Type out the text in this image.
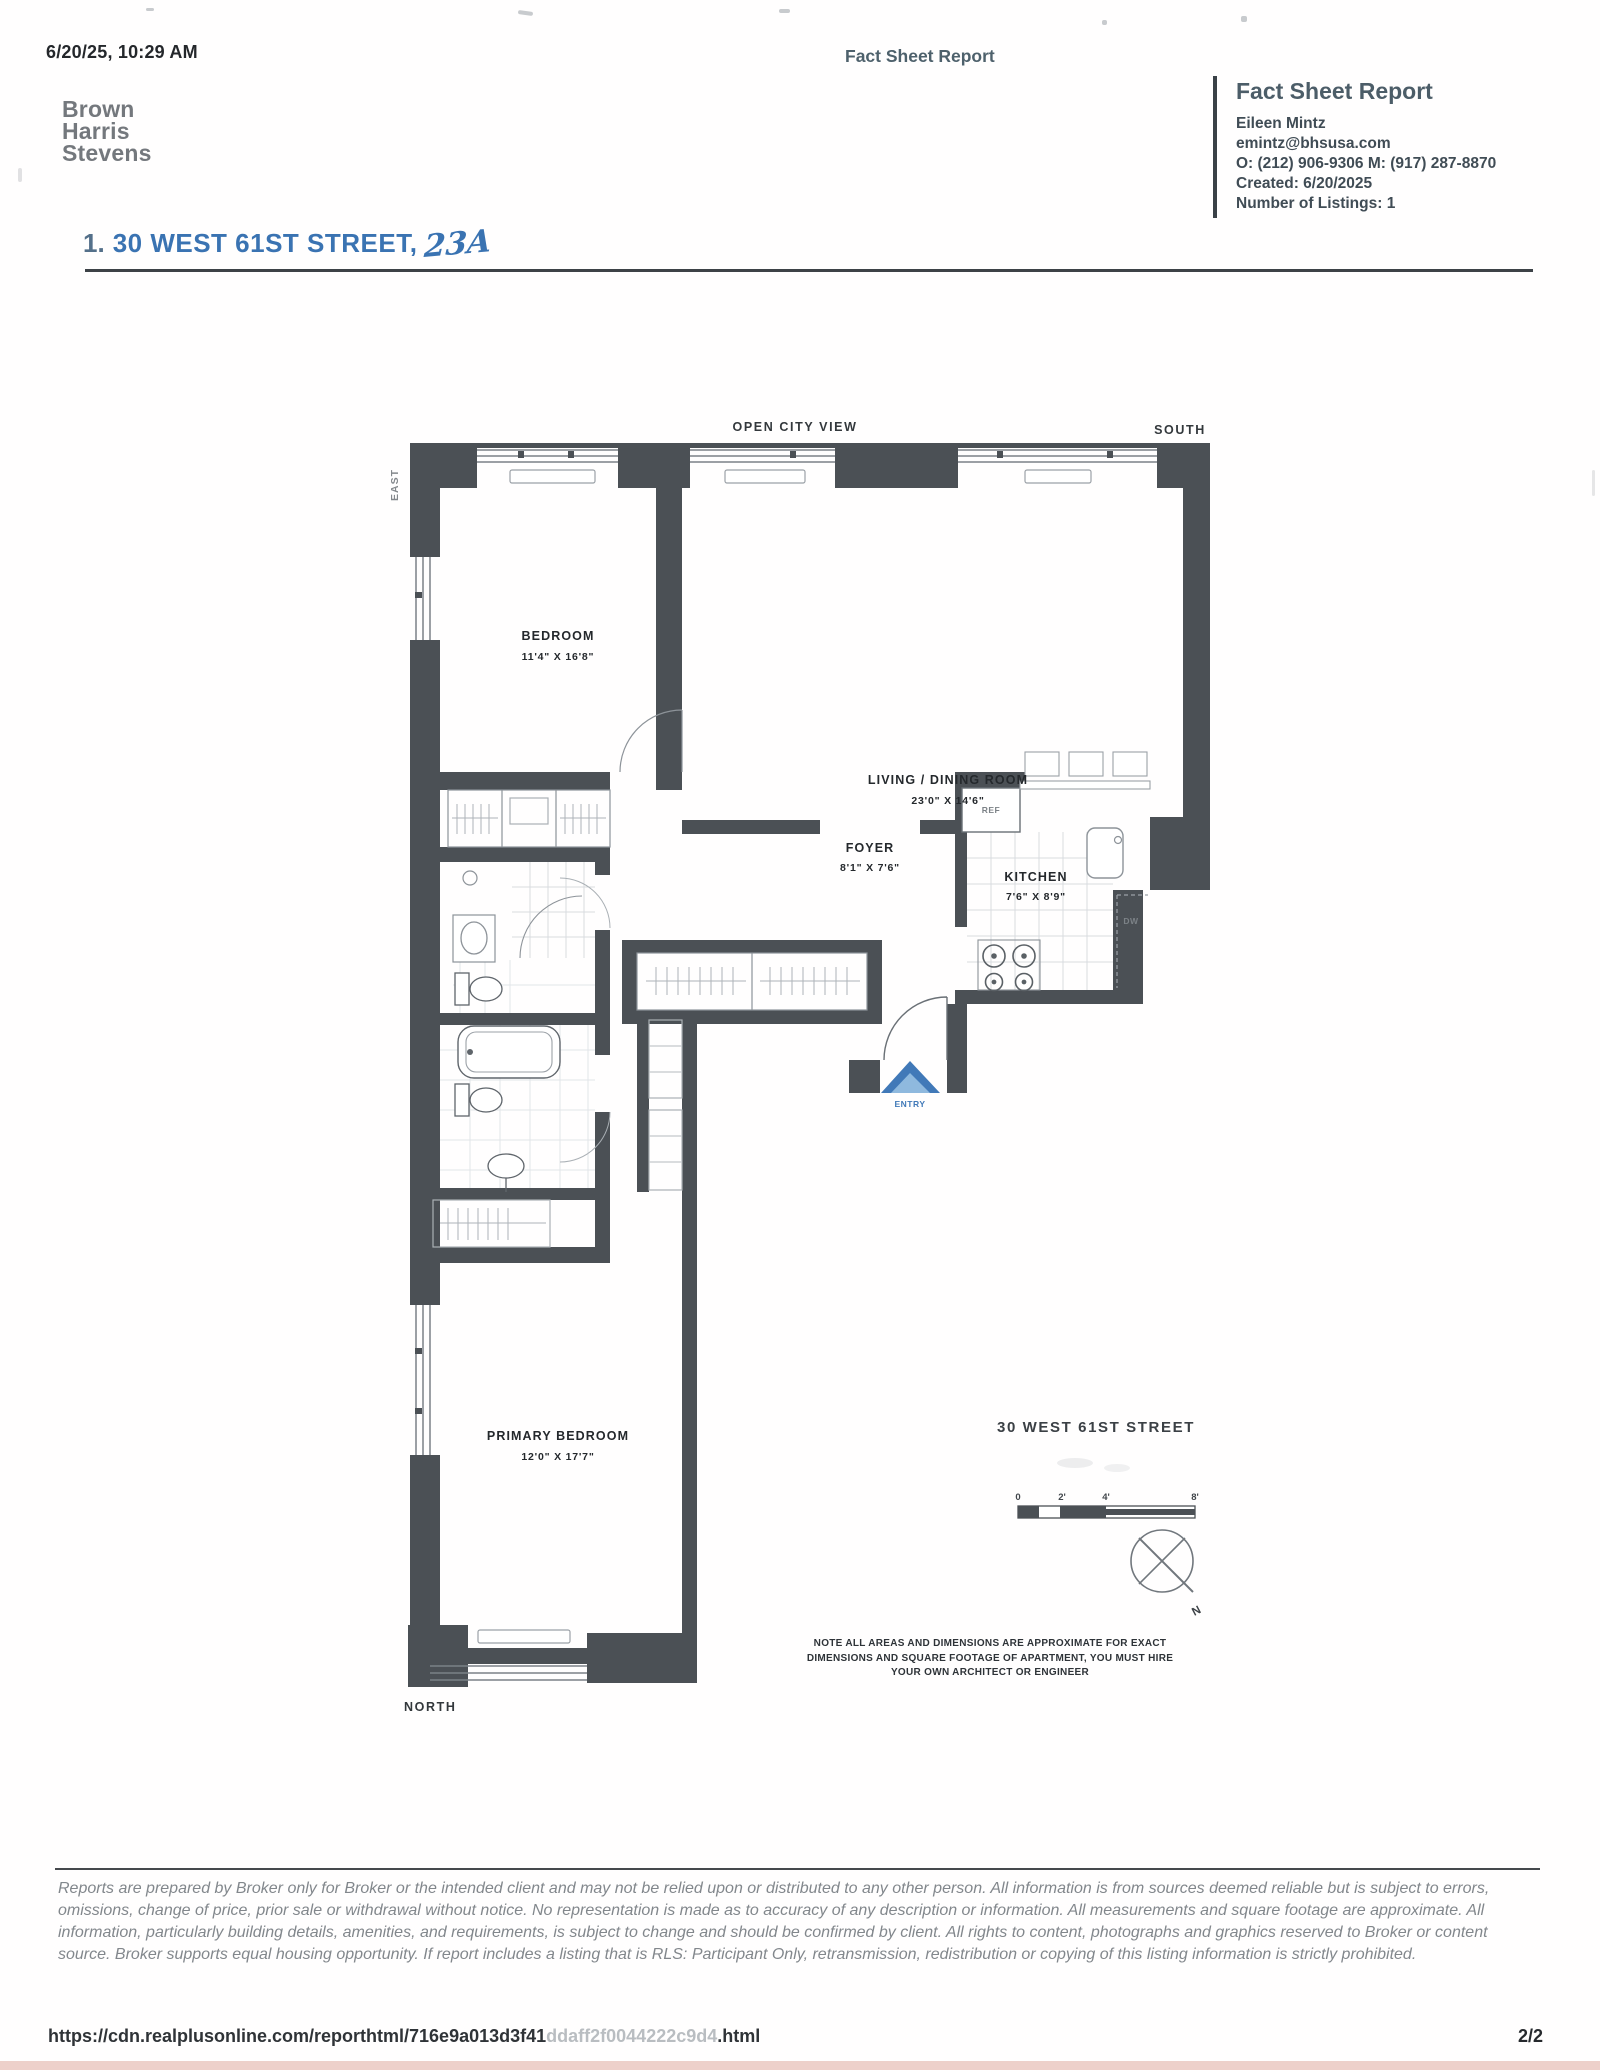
6/20/25, 10:29 AM	Fact Sheet Report
Brown
Harris
Stevens
Fact Sheet Report
Eileen Mintz
emintz@bhsusa.com
O: (212) 906-9306 M: (917) 287-8870
Created: 6/20/2025
Number of Listings: 1
1. 30 WEST 61ST STREET, 23A
REF
DW
ENTRY
OPEN CITY VIEW	SOUTH
EAST
NORTH
BEDROOM
11'4" X 16'8"
LIVING / DINING ROOM
23'0" X 14'6"
FOYER
8'1" X 7'6"
KITCHEN
7'6" X 8'9"
PRIMARY BEDROOM
12'0" X 17'7"
30 WEST 61ST STREET
0	2'	4'	8'
N
NOTE ALL AREAS AND DIMENSIONS ARE APPROXIMATE FOR EXACT
DIMENSIONS AND SQUARE FOOTAGE OF APARTMENT, YOU MUST HIRE
YOUR OWN ARCHITECT OR ENGINEER
Reports are prepared by Broker only for Broker or the intended client and may not be relied upon or distributed to any other person. All information is from sources deemed reliable but is subject to errors, omissions, change of price, prior sale or withdrawal without notice. No representation is made as to accuracy of any description or information. All measurements and square footage are approximate. All information, particularly building details, amenities, and requirements, is subject to change and should be confirmed by client. All rights to content, photographs and graphics reserved to Broker or content source. Broker supports equal housing opportunity. If report includes a listing that is RLS: Participant Only, retransmission, redistribution or copying of this listing information is strictly prohibited.
https://cdn.realplusonline.com/reporthtml/716e9a013d3f41ddaff2f0044222c9d4.html	2/2
